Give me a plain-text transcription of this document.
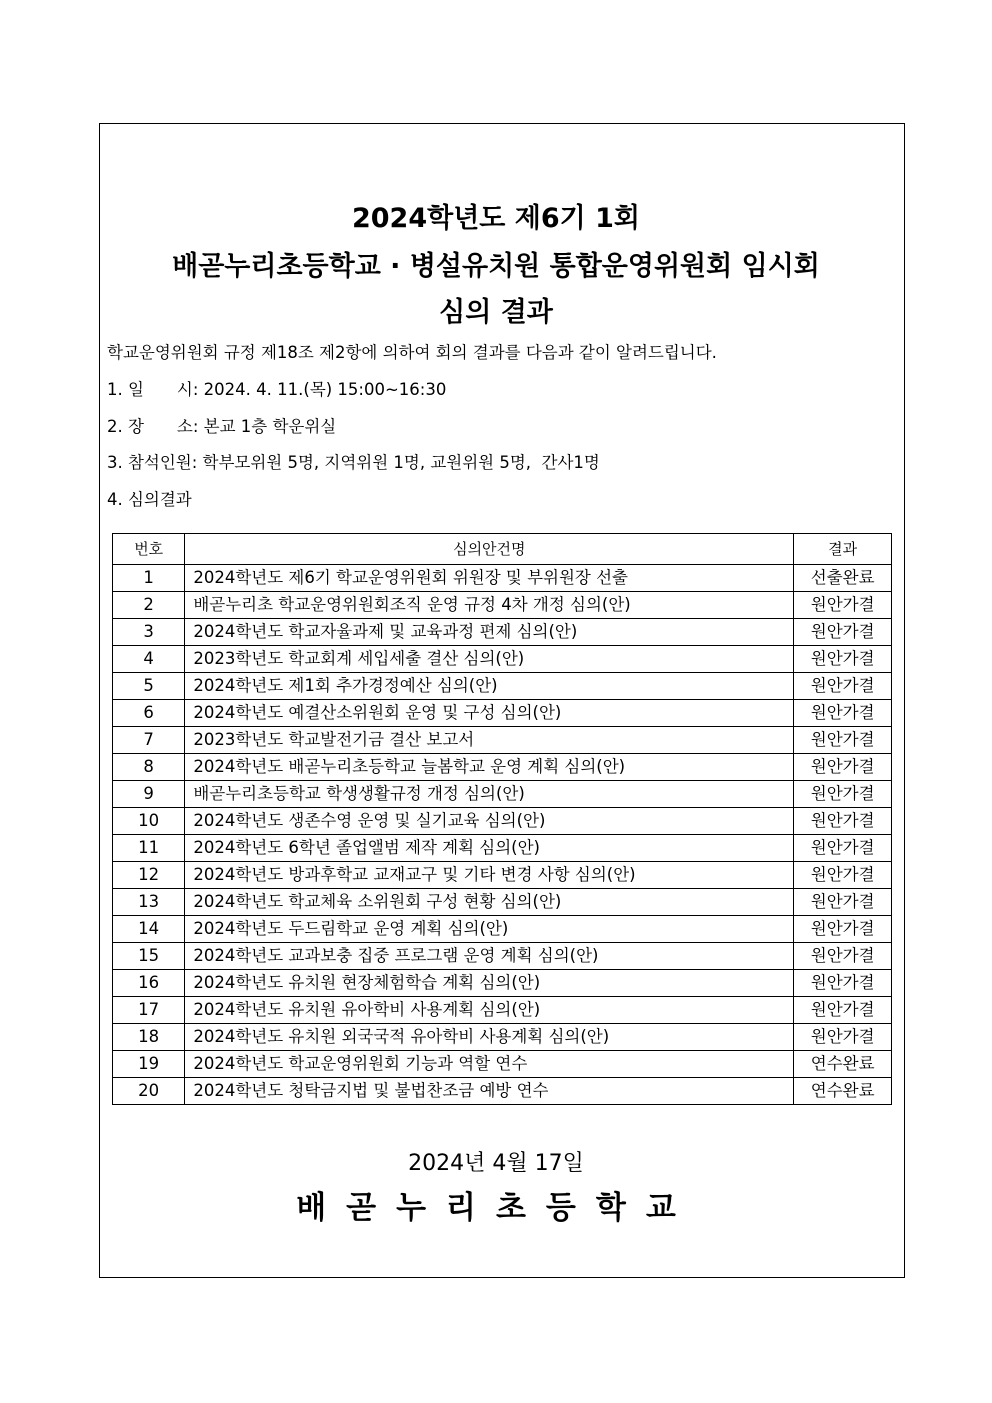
2024학년도 제6기 1회
배곧누리초등학교 · 병설유치원 통합운영위원회 임시회
심의 결과
학교운영위원회 규정 제18조 제2항에 의하여 회의 결과를 다음과 같이 알려드립니다.
1. 일　　시: 2024. 4. 11.(목) 15:00~16:30
2. 장　　소: 본교 1층 학운위실
3. 참석인원: 학부모위원 5명, 지역위원 1명, 교원위원 5명,  간사1명
4. 심의결과
번호	심의안건명	결과
1	2024학년도 제6기 학교운영위원회 위원장 및 부위원장 선출	선출완료
2	배곧누리초 학교운영위원회조직 운영 규정 4차 개정 심의(안)	원안가결
3	2024학년도 학교자율과제 및 교육과정 편제 심의(안)	원안가결
4	2023학년도 학교회계 세입세출 결산 심의(안)	원안가결
5	2024학년도 제1회 추가경정예산 심의(안)	원안가결
6	2024학년도 예결산소위원회 운영 및 구성 심의(안)	원안가결
7	2023학년도 학교발전기금 결산 보고서	원안가결
8	2024학년도 배곧누리초등학교 늘봄학교 운영 계획 심의(안)	원안가결
9	배곧누리초등학교 학생생활규정 개정 심의(안)	원안가결
10	2024학년도 생존수영 운영 및 실기교육 심의(안)	원안가결
11	2024학년도 6학년 졸업앨범 제작 계획 심의(안)	원안가결
12	2024학년도 방과후학교 교재교구 및 기타 변경 사항 심의(안)	원안가결
13	2024학년도 학교체육 소위원회 구성 현황 심의(안)	원안가결
14	2024학년도 두드림학교 운영 계획 심의(안)	원안가결
15	2024학년도 교과보충 집중 프로그램 운영 계획 심의(안)	원안가결
16	2024학년도 유치원 현장체험학습 계획 심의(안)	원안가결
17	2024학년도 유치원 유아학비 사용계획 심의(안)	원안가결
18	2024학년도 유치원 외국국적 유아학비 사용계획 심의(안)	원안가결
19	2024학년도 학교운영위원회 기능과 역할 연수	연수완료
20	2024학년도 청탁금지법 및 불법찬조금 예방 연수	연수완료
2024년 4월 17일
배곧누리초등학교
